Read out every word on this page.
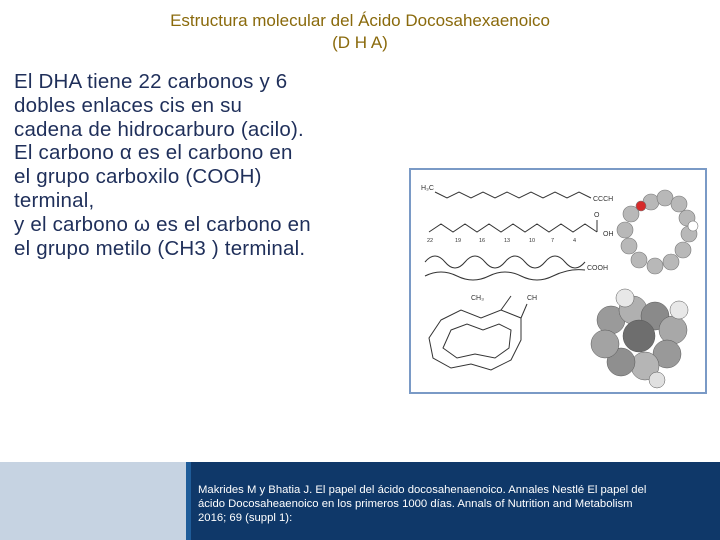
Estructura molecular del Ácido Docosahexaenoico
(D H A)
El DHA tiene 22 carbonos y 6
dobles enlaces cis en su
cadena de hidrocarburo (acilo).
El carbono α es el carbono en
el grupo carboxilo (COOH)
terminal,
y el carbono ω es el carbono en
el grupo metilo (CH3 ) terminal.
H₃C
CCCH
O
OH
22	19	16	13	10	7	4
COOH
CH₃	CH
Makrides M y Bhatia J. El papel del ácido docosahenaenoico. Annales Nestlé El papel del
ácido Docosaheaenoico en los primeros 1000 días. Annals of Nutrition and Metabolism
2016; 69 (suppl 1):
